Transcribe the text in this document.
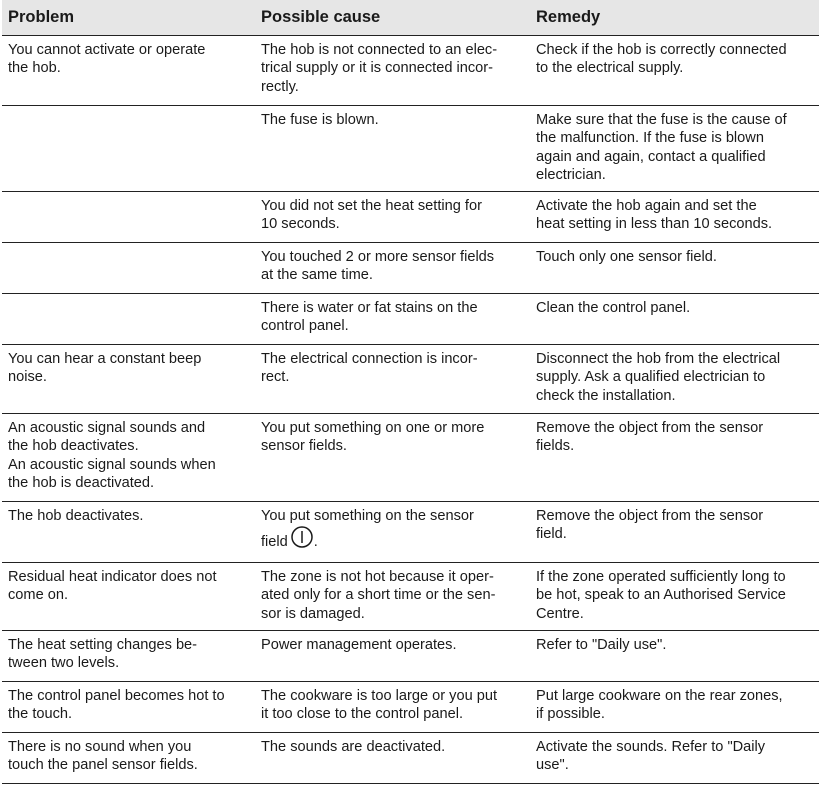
Problem	Possible cause	Remedy

You cannot activate or operate
the hob.	The hob is not connected to an elec-
trical supply or it is connected incor-
rectly.	Check if the hob is correctly connected
to the electrical supply.

	The fuse is blown.	Make sure that the fuse is the cause of
the malfunction. If the fuse is blown
again and again, contact a qualified
electrician.

	You did not set the heat setting for
10 seconds.	Activate the hob again and set the
heat setting in less than 10 seconds.

	You touched 2 or more sensor fields
at the same time.	Touch only one sensor field.

	There is water or fat stains on the
control panel.	Clean the control panel.

You can hear a constant beep
noise.	The electrical connection is incor-
rect.	Disconnect the hob from the electrical
supply. Ask a qualified electrician to
check the installation.

An acoustic signal sounds and
the hob deactivates.
An acoustic signal sounds when
the hob is deactivated.	You put something on one or more
sensor fields.	Remove the object from the sensor
fields.

The hob deactivates.	You put something on the sensor
field .	Remove the object from the sensor
field.

Residual heat indicator does not
come on.	The zone is not hot because it oper-
ated only for a short time or the sen-
sor is damaged.	If the zone operated sufficiently long to
be hot, speak to an Authorised Service
Centre.

The heat setting changes be-
tween two levels.	Power management operates.	Refer to "Daily use".

The control panel becomes hot to
the touch.	The cookware is too large or you put
it too close to the control panel.	Put large cookware on the rear zones,
if possible.

There is no sound when you
touch the panel sensor fields.	The sounds are deactivated.	Activate the sounds. Refer to "Daily
use".
